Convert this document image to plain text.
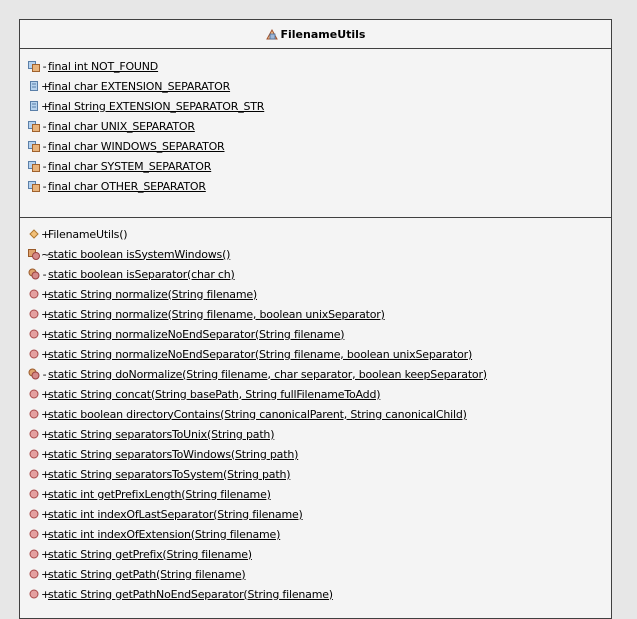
FilenameUtils
- final int NOT_FOUND
+
final char EXTENSION_SEPARATOR
+
final String EXTENSION_SEPARATOR_STR
- final char UNIX_SEPARATOR
- final char WINDOWS_SEPARATOR
- final char SYSTEM_SEPARATOR
- final char OTHER_SEPARATOR
+
FilenameUtils()
~
static boolean isSystemWindows()
- static boolean isSeparator(char ch)
+
static String normalize(String filename)
+
static String normalize(String filename, boolean unixSeparator)
+
static String normalizeNoEndSeparator(String filename)
+
static String normalizeNoEndSeparator(String filename, boolean unixSeparator)
- static String doNormalize(String filename, char separator, boolean keepSeparator)
+
static String concat(String basePath, String fullFilenameToAdd)
+
static boolean directoryContains(String canonicalParent, String canonicalChild)
+
static String separatorsToUnix(String path)
+
static String separatorsToWindows(String path)
+
static String separatorsToSystem(String path)
+
static int getPrefixLength(String filename)
+
static int indexOfLastSeparator(String filename)
+
static int indexOfExtension(String filename)
+
static String getPrefix(String filename)
+
static String getPath(String filename)
+
static String getPathNoEndSeparator(String filename)
